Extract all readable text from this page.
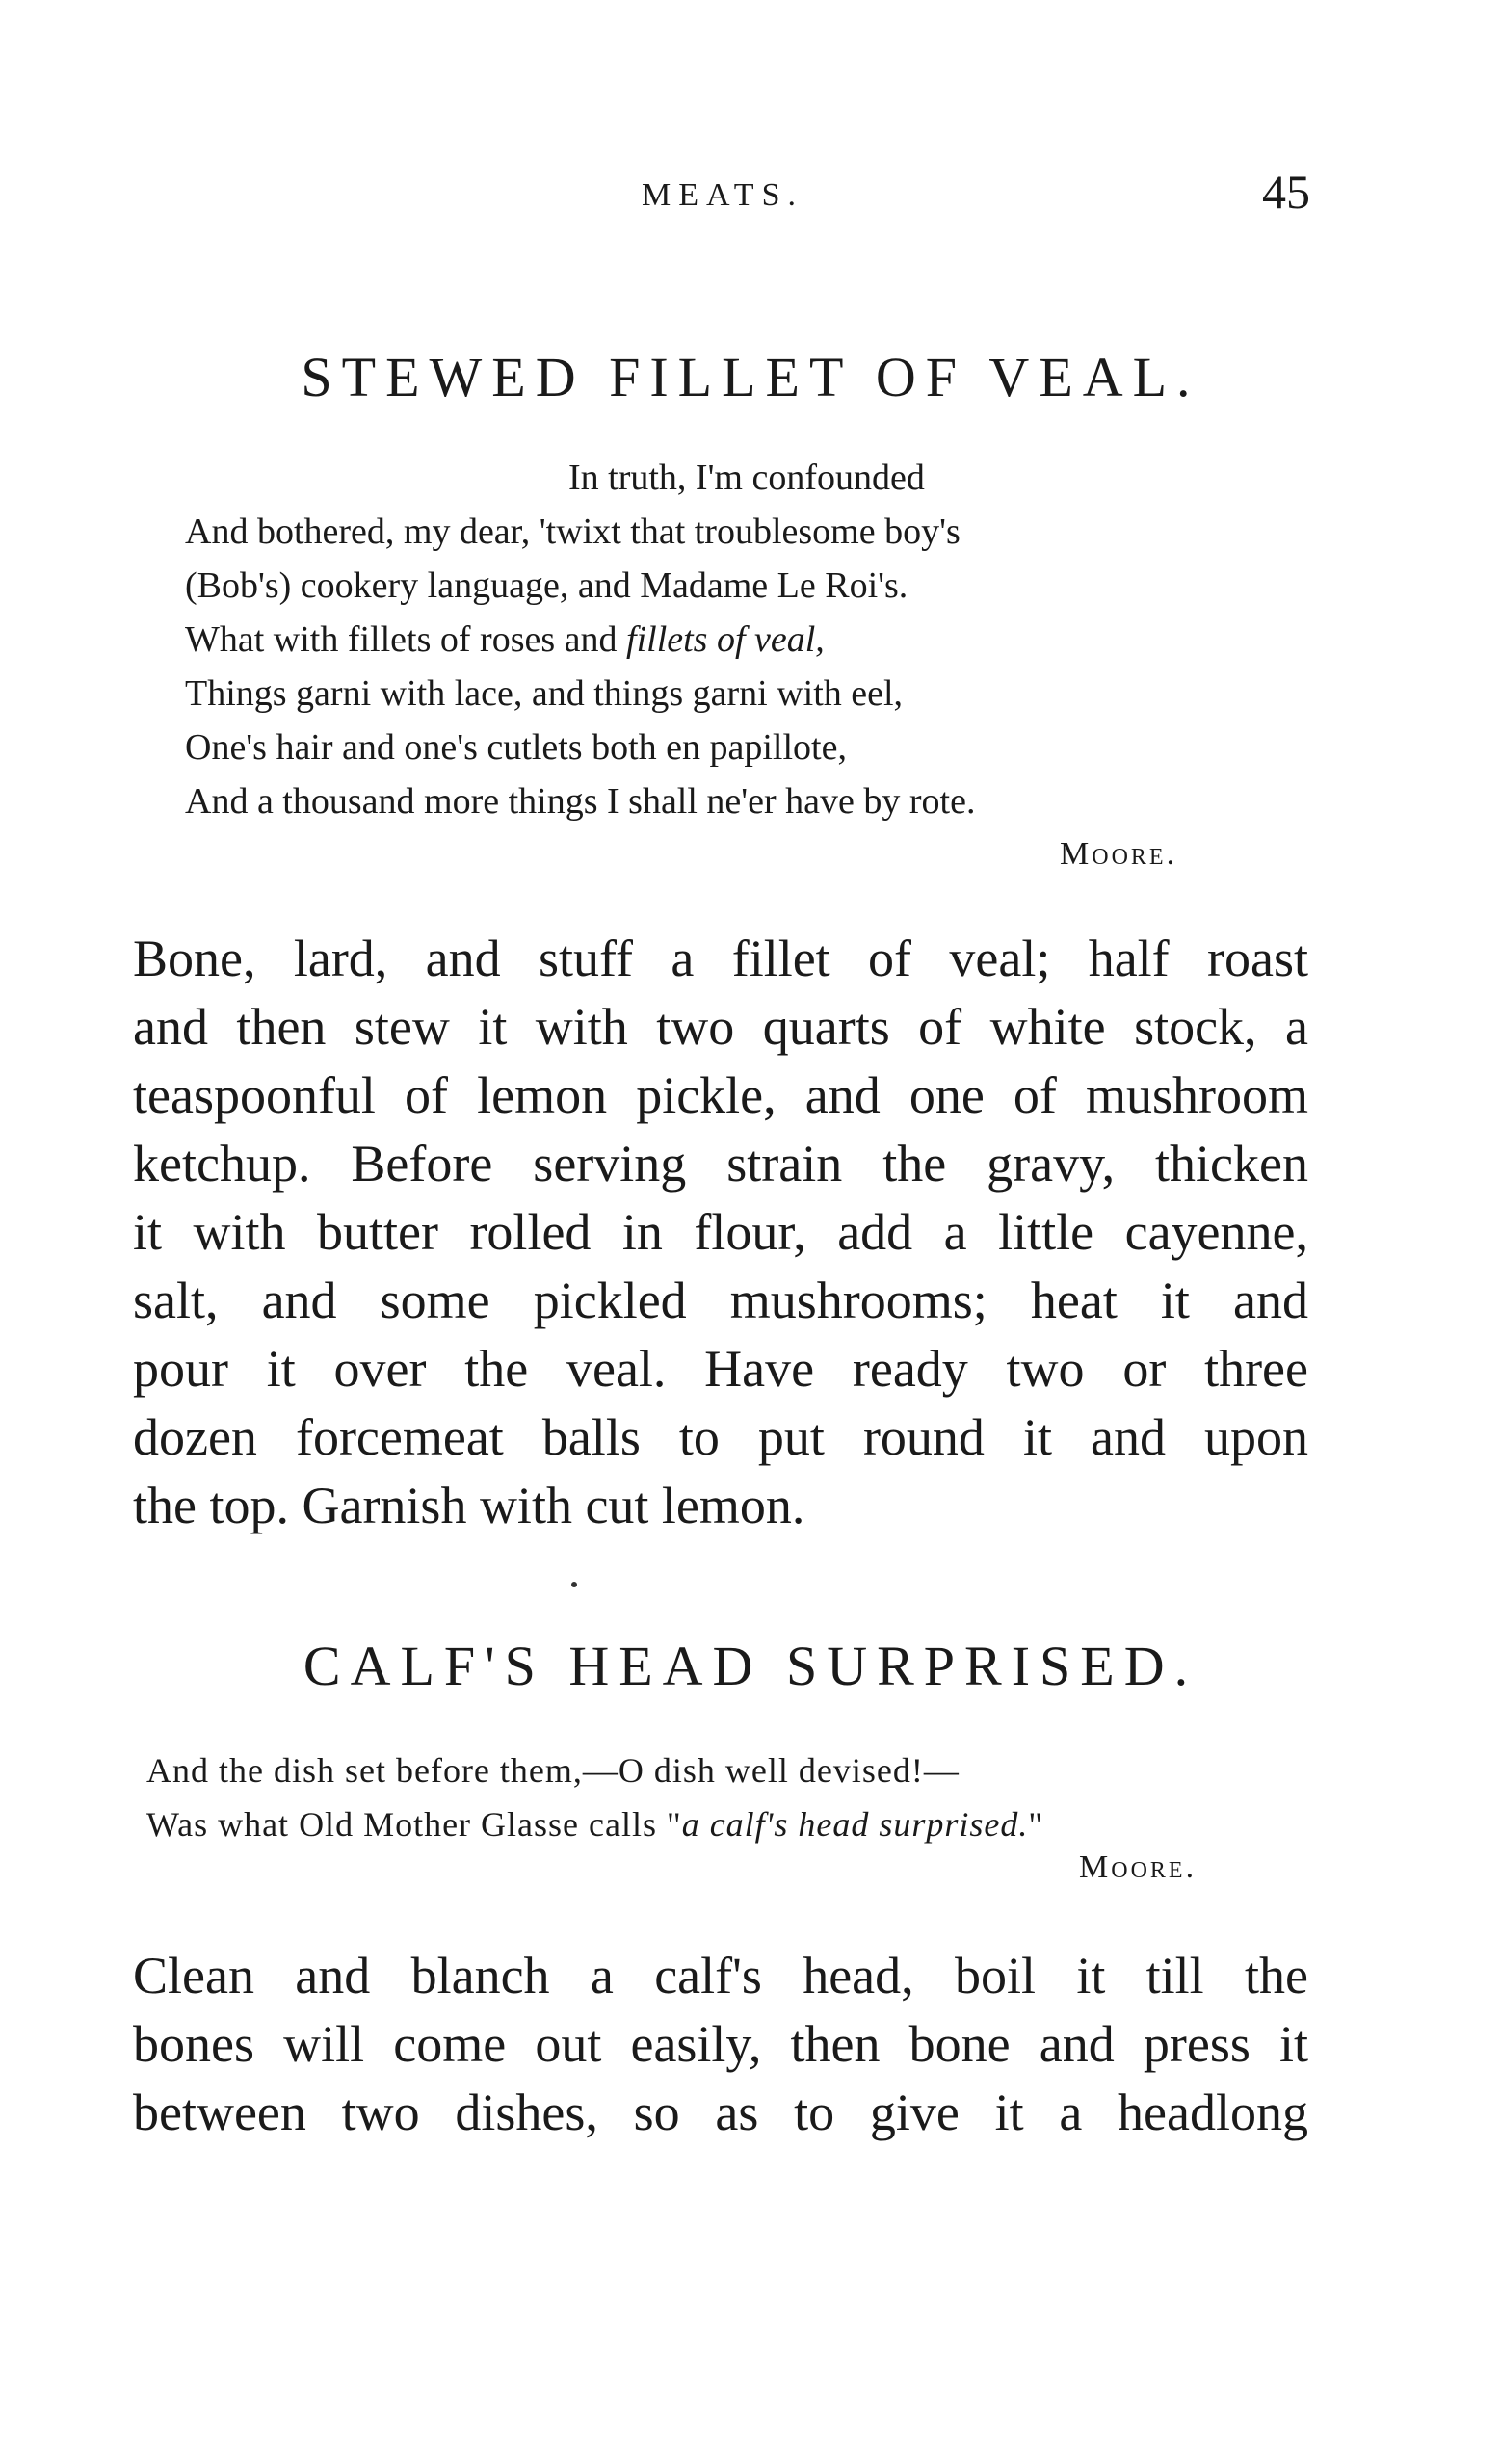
MEATS.	45
STEWED FILLET OF VEAL.
In truth, I'm confounded
And bothered, my dear, 'twixt that troublesome boy's
(Bob's) cookery language, and Madame Le Roi's.
What with fillets of roses and fillets of veal,
Things garni with lace, and things garni with eel,
One's hair and one's cutlets both en papillote,
And a thousand more things I shall ne'er have by rote.
Moore.
Bone, lard, and stuff a fillet of veal; half roast
and then stew it with two quarts of white stock, a
teaspoonful of lemon pickle, and one of mushroom
ketchup. Before serving strain the gravy, thicken
it with butter rolled in flour, add a little cayenne,
salt, and some pickled mushrooms; heat it and
pour it over the veal. Have ready two or three
dozen forcemeat balls to put round it and upon
the top. Garnish with cut lemon.
CALF'S HEAD SURPRISED.
And the dish set before them,—O dish well devised!—
Was what Old Mother Glasse calls "a calf's head surprised."
Moore.
Clean and blanch a calf's head, boil it till the
bones will come out easily, then bone and press it
between two dishes, so as to give it a headlong
